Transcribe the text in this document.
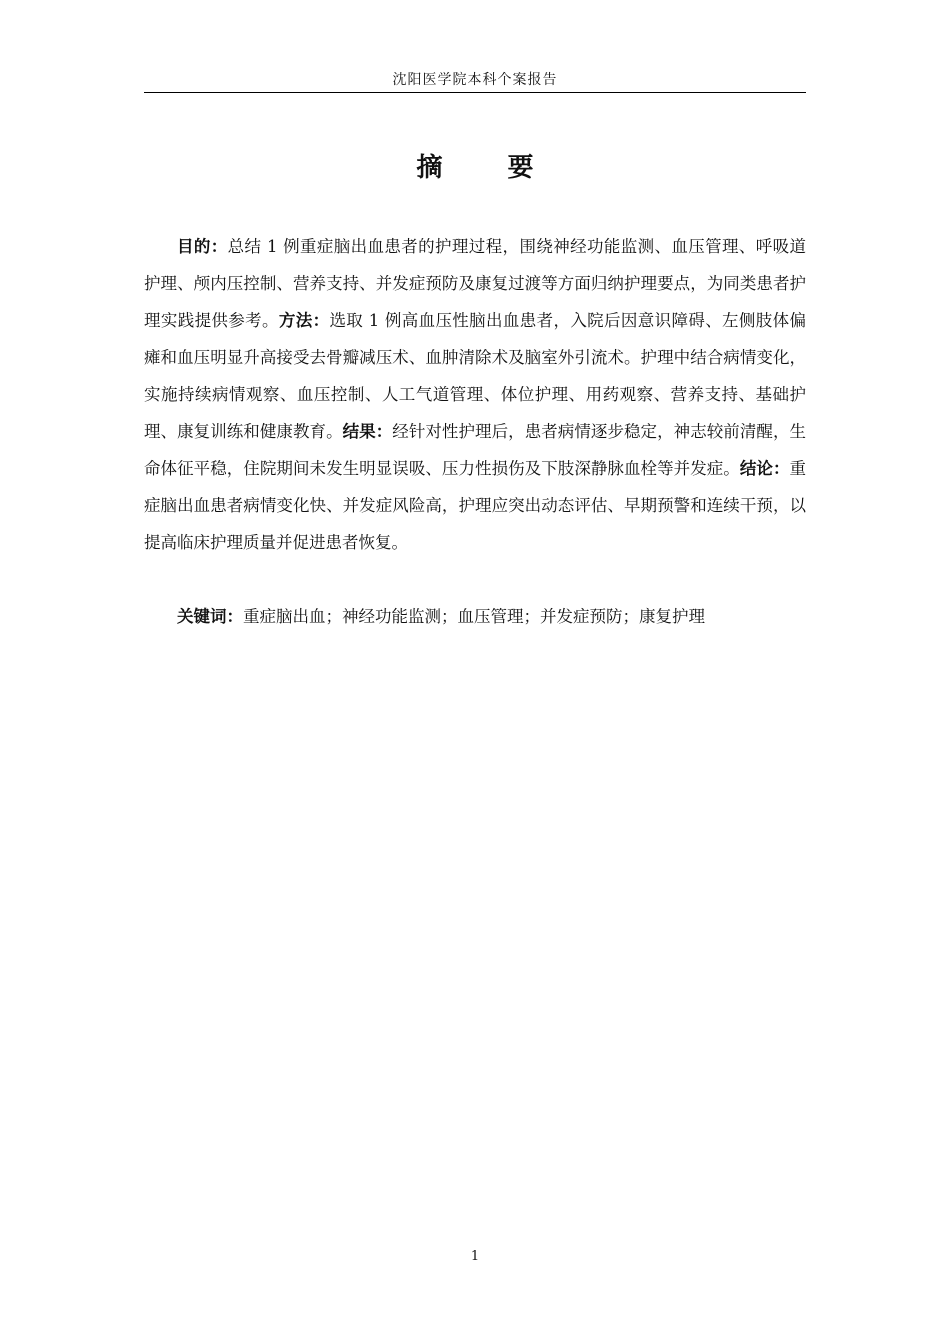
沈阳医学院本科个案报告
摘 要

目的：总结 1 例重症脑出血患者的护理过程，围绕神经功能监测、血压管理、呼吸道护理、颅内压控制、营养支持、并发症预防及康复过渡等方面归纳护理要点，为同类患者护理实践提供参考。方法：选取 1 例高血压性脑出血患者，入院后因意识障碍、左侧肢体偏瘫和血压明显升高接受去骨瓣减压术、血肿清除术及脑室外引流术。护理中结合病情变化，实施持续病情观察、血压控制、人工气道管理、体位护理、用药观察、营养支持、基础护理、康复训练和健康教育。结果：经针对性护理后，患者病情逐步稳定，神志较前清醒，生命体征平稳，住院期间未发生明显误吸、压力性损伤及下肢深静脉血栓等并发症。结论：重症脑出血患者病情变化快、并发症风险高，护理应突出动态评估、早期预警和连续干预，以提高临床护理质量并促进患者恢复。

关键词：重症脑出血；神经功能监测；血压管理；并发症预防；康复护理

1
